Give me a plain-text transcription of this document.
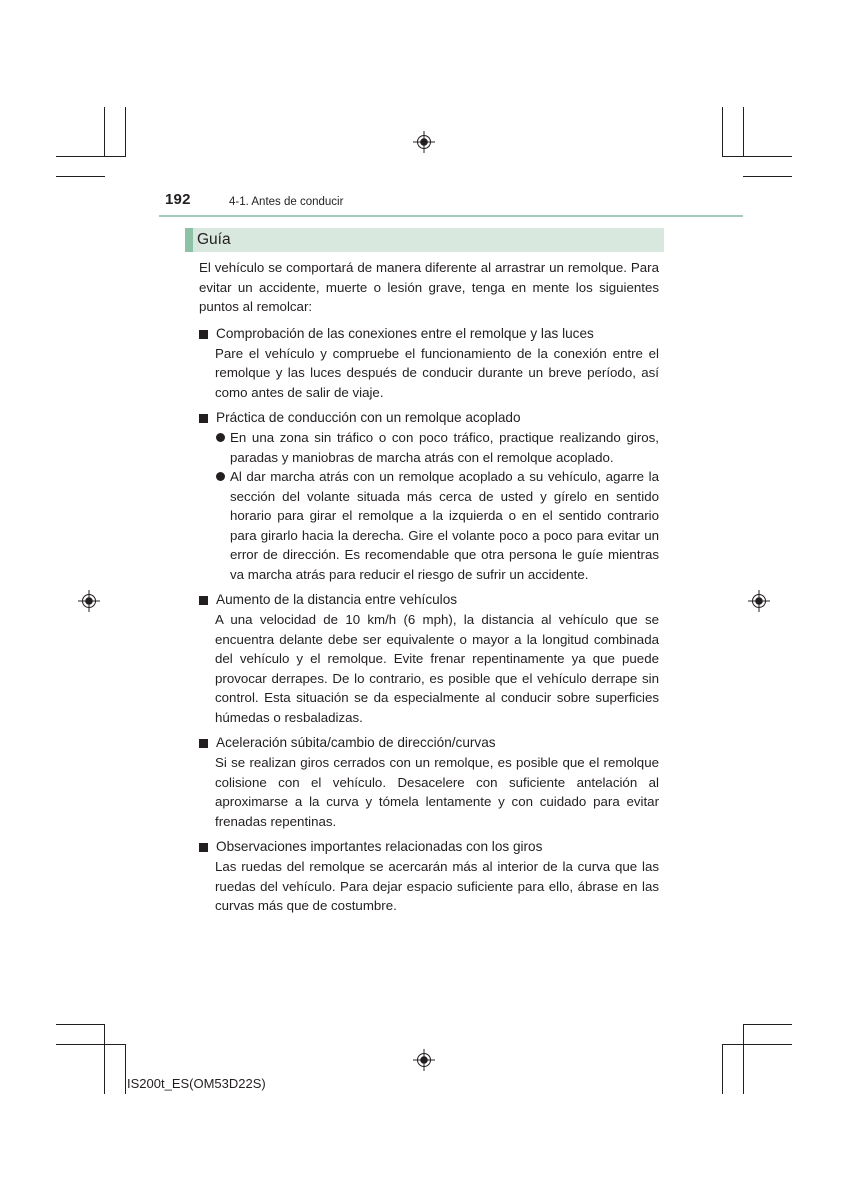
192	4-1. Antes de conducir
Guía

El vehículo se comportará de manera diferente al arrastrar un remolque. Para evitar un accidente, muerte o lesión grave, tenga en mente los siguientes puntos al remolcar:

Comprobación de las conexiones entre el remolque y las luces

Pare el vehículo y compruebe el funcionamiento de la conexión entre el remolque y las luces después de conducir durante un breve período, así como antes de salir de viaje.

Práctica de conducción con un remolque acoplado

En una zona sin tráfico o con poco tráfico, practique realizando giros, paradas y maniobras de marcha atrás con el remolque acoplado.

Al dar marcha atrás con un remolque acoplado a su vehículo, agarre la sección del volante situada más cerca de usted y gírelo en sentido horario para girar el remolque a la izquierda o en el sentido contrario para girarlo hacia la derecha. Gire el volante poco a poco para evitar un error de dirección. Es recomendable que otra persona le guíe mientras va marcha atrás para reducir el riesgo de sufrir un accidente.

Aumento de la distancia entre vehículos

A una velocidad de 10 km/h (6 mph), la distancia al vehículo que se encuentra delante debe ser equivalente o mayor a la longitud combinada del vehículo y el remolque. Evite frenar repentinamente ya que puede provocar derrapes. De lo contrario, es posible que el vehículo derrape sin control. Esta situación se da especialmente al conducir sobre superficies húmedas o resbaladizas.

Aceleración súbita/cambio de dirección/curvas

Si se realizan giros cerrados con un remolque, es posible que el remolque colisione con el vehículo. Desacelere con suficiente antelación al aproximarse a la curva y tómela lentamente y con cuidado para evitar frenadas repentinas.

Observaciones importantes relacionadas con los giros

Las ruedas del remolque se acercarán más al interior de la curva que las ruedas del vehículo. Para dejar espacio suficiente para ello, ábrase en las curvas más que de costumbre.

IS200t_ES(OM53D22S)
